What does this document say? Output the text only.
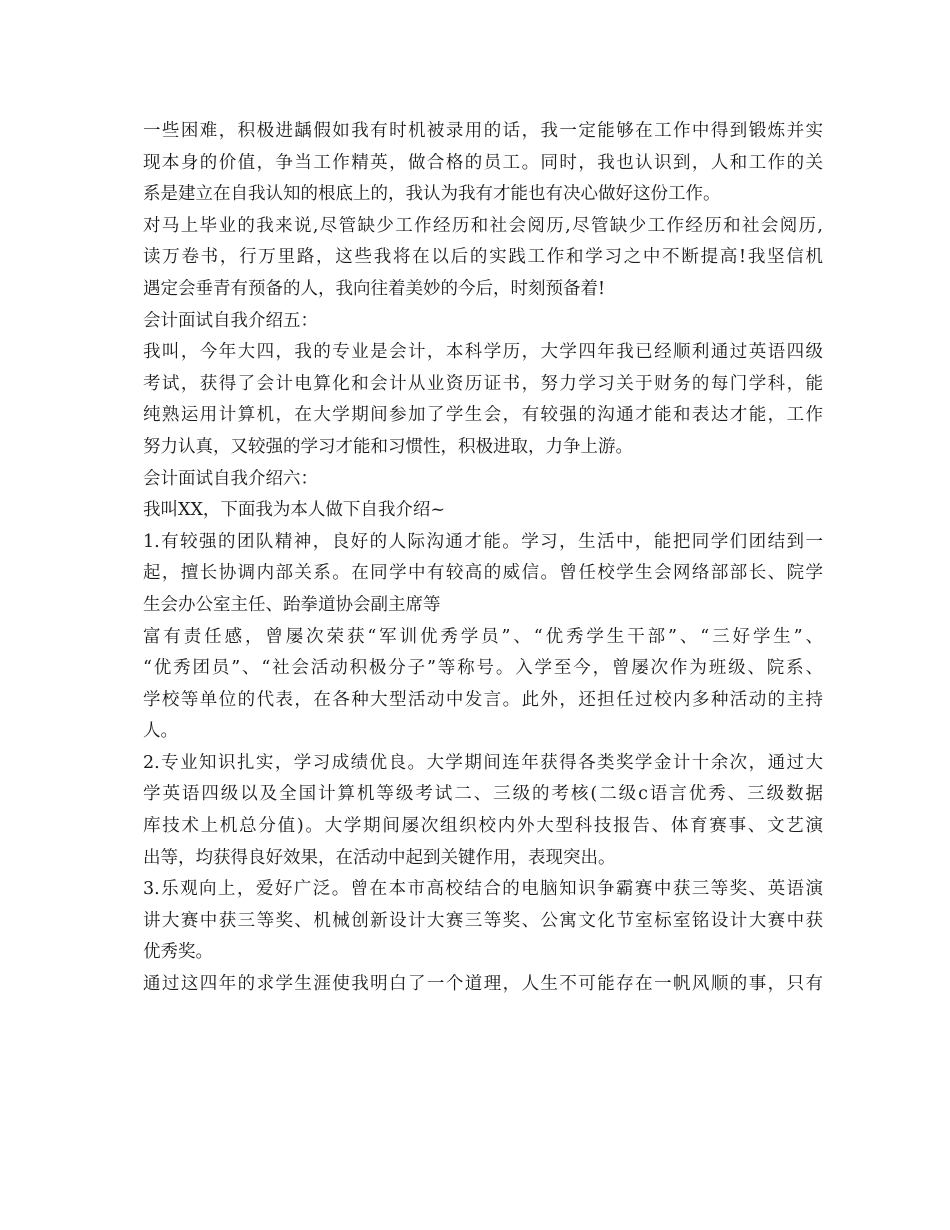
一些困难，积极进龋假如我有时机被录用的话，我一定能够在工作中得到锻炼并实
现本身的价值，争当工作精英，做合格的员工。同时，我也认识到，人和工作的关
系是建立在自我认知的根底上的，我认为我有才能也有决心做好这份工作。
对马上毕业的我来说,尽管缺少工作经历和社会阅历,尽管缺少工作经历和社会阅历,
读万卷书，行万里路，这些我将在以后的实践工作和学习之中不断提高!我坚信机
遇定会垂青有预备的人，我向往着美妙的今后，时刻预备着!
会计面试自我介绍五：
我叫，今年大四，我的专业是会计，本科学历，大学四年我已经顺利通过英语四级
考试，获得了会计电算化和会计从业资历证书，努力学习关于财务的每门学科，能
纯熟运用计算机，在大学期间参加了学生会，有较强的沟通才能和表达才能，工作
努力认真，又较强的学习才能和习惯性，积极进取，力争上游。
会计面试自我介绍六：
我叫XX，下面我为本人做下自我介绍~
1.有较强的团队精神，良好的人际沟通才能。学习，生活中，能把同学们团结到一
起，擅长协调内部关系。在同学中有较高的威信。曾任校学生会网络部部长、院学
生会办公室主任、跆拳道协会副主席等
富有责任感，曾屡次荣获“军训优秀学员”、“优秀学生干部”、“三好学生”、
“优秀团员”、“社会活动积极分子”等称号。入学至今，曾屡次作为班级、院系、
学校等单位的代表，在各种大型活动中发言。此外，还担任过校内多种活动的主持
人。
2.专业知识扎实，学习成绩优良。大学期间连年获得各类奖学金计十余次，通过大
学英语四级以及全国计算机等级考试二、三级的考核(二级c语言优秀、三级数据
库技术上机总分值)。大学期间屡次组织校内外大型科技报告、体育赛事、文艺演
出等，均获得良好效果，在活动中起到关键作用，表现突出。
3.乐观向上，爱好广泛。曾在本市高校结合的电脑知识争霸赛中获三等奖、英语演
讲大赛中获三等奖、机械创新设计大赛三等奖、公寓文化节室标室铭设计大赛中获
优秀奖。
通过这四年的求学生涯使我明白了一个道理，人生不可能存在一帆风顺的事，只有
